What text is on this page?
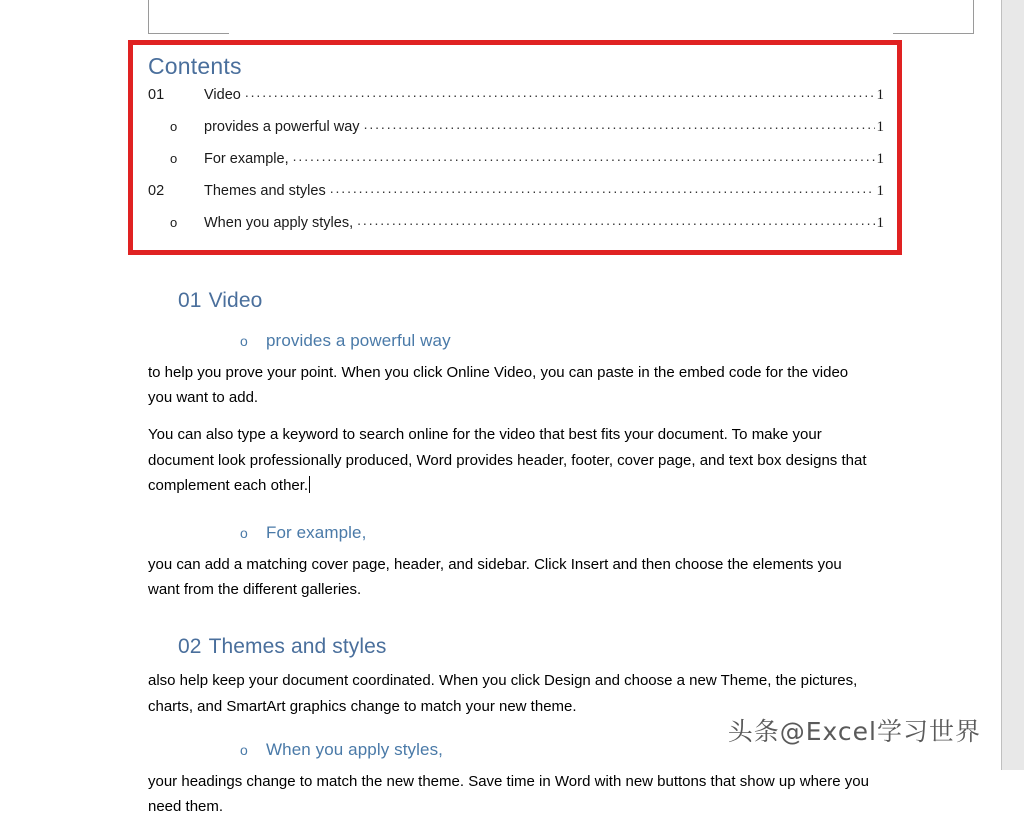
Contents
01	Video .....	1
o	provides a powerful way .....	1
o	For example, .....	1
02	Themes and styles .....	1
o	When you apply styles, .....	1
01 Video
o provides a powerful way

to help you prove your point. When you click Online Video, you can paste in the embed code for the video you want to add.

You can also type a keyword to search online for the video that best fits your document. To make your document look professionally produced, Word provides header, footer, cover page, and text box designs that complement each other.

o For example,

you can add a matching cover page, header, and sidebar. Click Insert and then choose the elements you want from the different galleries.

02 Themes and styles

also help keep your document coordinated. When you click Design and choose a new Theme, the pictures, charts, and SmartArt graphics change to match your new theme.

o When you apply styles,

your headings change to match the new theme. Save time in Word with new buttons that show up where you need them.

头条@Excel学习世界
